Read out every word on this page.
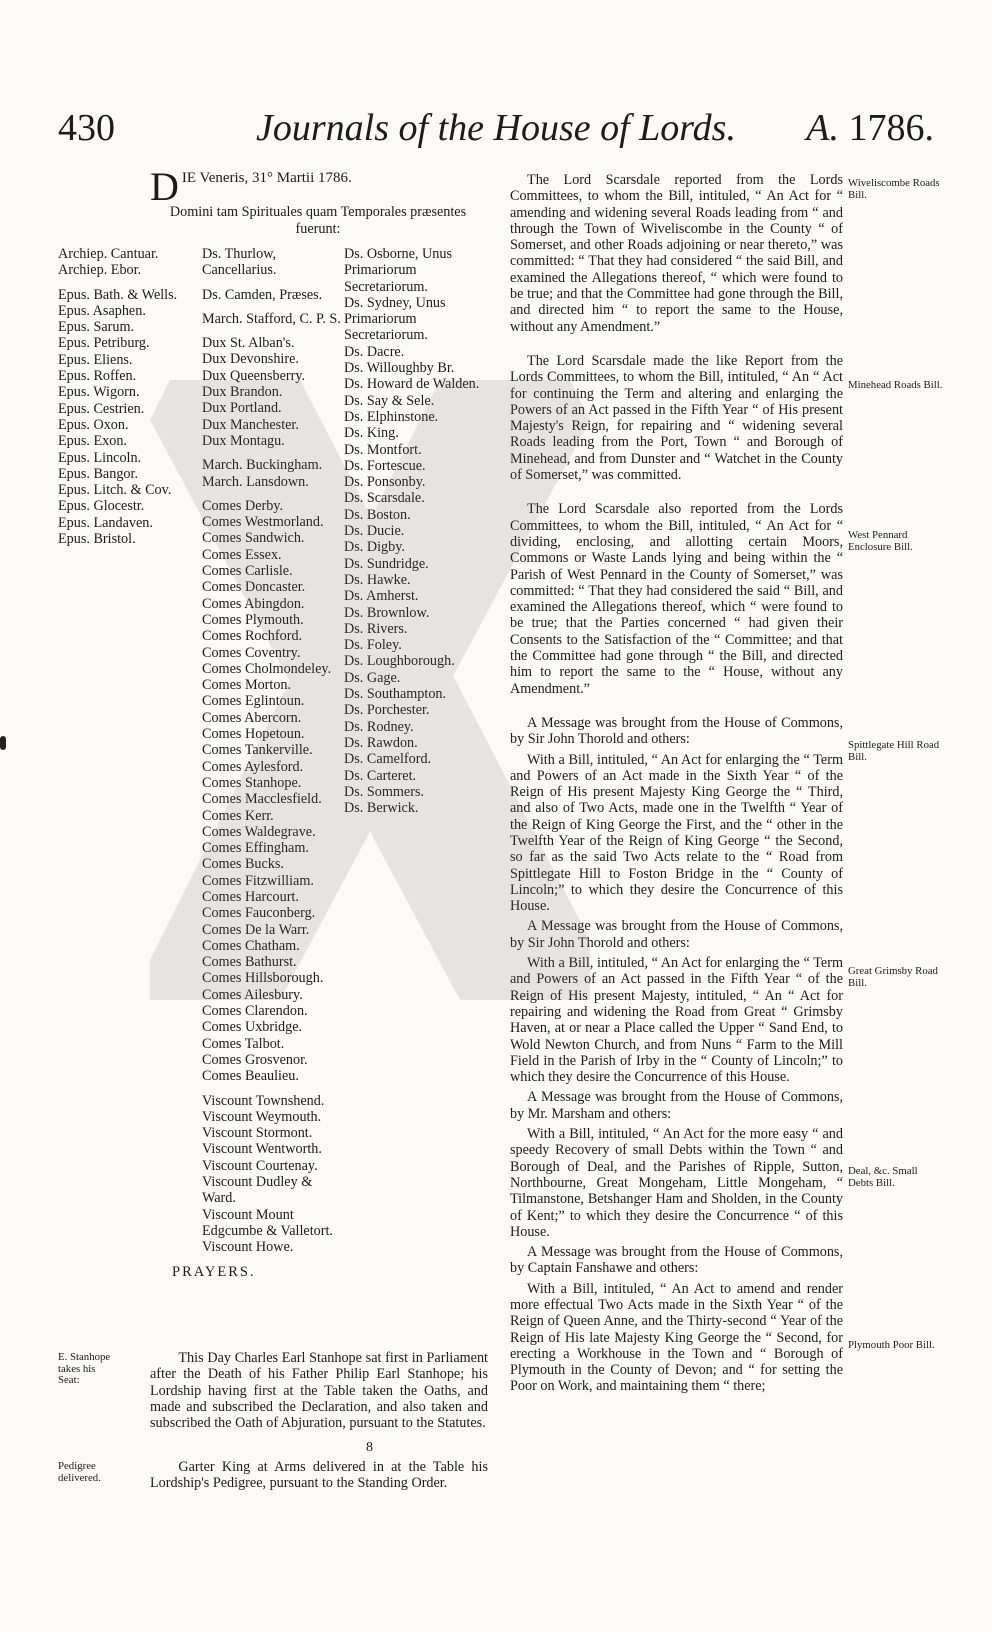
430	Journals of the House of Lords.	A. 1786.
D IE Veneris, 31° Martii 1786.
Domini tam Spirituales quam Temporales præsentes fuerunt:
Archiep. Cantuar.
Archiep. Ebor.
Epus. Bath. & Wells.
Epus. Asaphen.
Epus. Sarum.
Epus. Petriburg.
Epus. Eliens.
Epus. Roffen.
Epus. Wigorn.
Epus. Cestrien.
Epus. Oxon.
Epus. Exon.
Epus. Lincoln.
Epus. Bangor.
Epus. Litch. & Cov.
Epus. Glocestr.
Epus. Landaven.
Epus. Bristol.
Ds. Thurlow, Cancellarius.
Ds. Camden, Præses.
March. Stafford, C. P. S.
Dux St. Alban's.
Dux Devonshire.
Dux Queensberry.
Dux Brandon.
Dux Portland.
Dux Manchester.
Dux Montagu.
March. Buckingham.
March. Lansdown.
Comes Derby.
Comes Westmorland.
Comes Sandwich.
Comes Essex.
Comes Carlisle.
Comes Doncaster.
Comes Abingdon.
Comes Plymouth.
Comes Rochford.
Comes Coventry.
Comes Cholmondeley.
Comes Morton.
Comes Eglintoun.
Comes Abercorn.
Comes Hopetoun.
Comes Tankerville.
Comes Aylesford.
Comes Stanhope.
Comes Macclesfield.
Comes Kerr.
Comes Waldegrave.
Comes Effingham.
Comes Bucks.
Comes Fitzwilliam.
Comes Harcourt.
Comes Fauconberg.
Comes De la Warr.
Comes Chatham.
Comes Bathurst.
Comes Hillsborough.
Comes Ailesbury.
Comes Clarendon.
Comes Uxbridge.
Comes Talbot.
Comes Grosvenor.
Comes Beaulieu.
Viscount Townshend.
Viscount Weymouth.
Viscount Stormont.
Viscount Wentworth.
Viscount Courtenay.
Viscount Dudley & Ward.
Viscount Mount Edgcumbe & Valletort.
Viscount Howe.
Ds. Osborne, Unus Primariorum Secretariorum.
Ds. Sydney, Unus Primariorum Secretariorum.
Ds. Dacre.
Ds. Willoughby Br.
Ds. Howard de Walden.
Ds. Say & Sele.
Ds. Elphinstone.
Ds. King.
Ds. Montfort.
Ds. Fortescue.
Ds. Ponsonby.
Ds. Scarsdale.
Ds. Boston.
Ds. Ducie.
Ds. Digby.
Ds. Sundridge.
Ds. Hawke.
Ds. Amherst.
Ds. Brownlow.
Ds. Rivers.
Ds. Foley.
Ds. Loughborough.
Ds. Gage.
Ds. Southampton.
Ds. Porchester.
Ds. Rodney.
Ds. Rawdon.
Ds. Camelford.
Ds. Carteret.
Ds. Sommers.
Ds. Berwick.
PRAYERS.
E. Stanhope takes his Seat:
This Day Charles Earl Stanhope sat first in Parliament after the Death of his Father Philip Earl Stanhope; his Lordship having first at the Table taken the Oaths, and made and subscribed the Declaration, and also taken and subscribed the Oath of Abjuration, pursuant to the Statutes.
Pedigree delivered.
Garter King at Arms delivered in at the Table his Lordship's Pedigree, pursuant to the Standing Order.
8

The Lord Scarsdale reported from the Lords Committees, to whom the Bill, intituled, “ An Act for “ amending and widening several Roads leading from “ and through the Town of Wiveliscombe in the County “ of Somerset, and other Roads adjoining or near thereto,” was committed: “ That they had considered “ the said Bill, and examined the Allegations thereof, “ which were found to be true; and that the Committee had gone through the Bill, and directed him “ to report the same to the House, without any Amendment.”

The Lord Scarsdale made the like Report from the Lords Committees, to whom the Bill, intituled, “ An “ Act for continuing the Term and altering and enlarging the Powers of an Act passed in the Fifth Year “ of His present Majesty's Reign, for repairing and “ widening several Roads leading from the Port, Town “ and Borough of Minehead, and from Dunster and “ Watchet in the County of Somerset,” was committed.

The Lord Scarsdale also reported from the Lords Committees, to whom the Bill, intituled, “ An Act for “ dividing, enclosing, and allotting certain Moors, Commons or Waste Lands lying and being within the “ Parish of West Pennard in the County of Somerset,” was committed: “ That they had considered the said “ Bill, and examined the Allegations thereof, which “ were found to be true; that the Parties concerned “ had given their Consents to the Satisfaction of the “ Committee; and that the Committee had gone through “ the Bill, and directed him to report the same to the “ House, without any Amendment.”

A Message was brought from the House of Commons, by Sir John Thorold and others:

With a Bill, intituled, “ An Act for enlarging the “ Term and Powers of an Act made in the Sixth Year “ of the Reign of His present Majesty King George the “ Third, and also of Two Acts, made one in the Twelfth “ Year of the Reign of King George the First, and the “ other in the Twelfth Year of the Reign of King George “ the Second, so far as the said Two Acts relate to the “ Road from Spittlegate Hill to Foston Bridge in the “ County of Lincoln;” to which they desire the Concurrence of this House.

A Message was brought from the House of Commons, by Sir John Thorold and others:

With a Bill, intituled, “ An Act for enlarging the “ Term and Powers of an Act passed in the Fifth Year “ of the Reign of His present Majesty, intituled, “ An “ Act for repairing and widening the Road from Great “ Grimsby Haven, at or near a Place called the Upper “ Sand End, to Wold Newton Church, and from Nuns “ Farm to the Mill Field in the Parish of Irby in the “ County of Lincoln;” to which they desire the Concurrence of this House.

A Message was brought from the House of Commons, by Mr. Marsham and others:

With a Bill, intituled, “ An Act for the more easy “ and speedy Recovery of small Debts within the Town “ and Borough of Deal, and the Parishes of Ripple, Sutton, Northbourne, Great Mongeham, Little Mongeham, “ Tilmanstone, Betshanger Ham and Sholden, in the County of Kent;” to which they desire the Concurrence “ of this House.

A Message was brought from the House of Commons, by Captain Fanshawe and others:

With a Bill, intituled, “ An Act to amend and render more effectual Two Acts made in the Sixth Year “ of the Reign of Queen Anne, and the Thirty-second “ Year of the Reign of His late Majesty King George the “ Second, for erecting a Workhouse in the Town and “ Borough of Plymouth in the County of Devon; and “ for setting the Poor on Work, and maintaining them “ there;

Wiveliscombe Roads Bill.
Minehead Roads Bill.
West Pennard Enclosure Bill.
Spittlegate Hill Road Bill.
Great Grimsby Road Bill.
Deal, &c. Small Debts Bill.
Plymouth Poor Bill.
